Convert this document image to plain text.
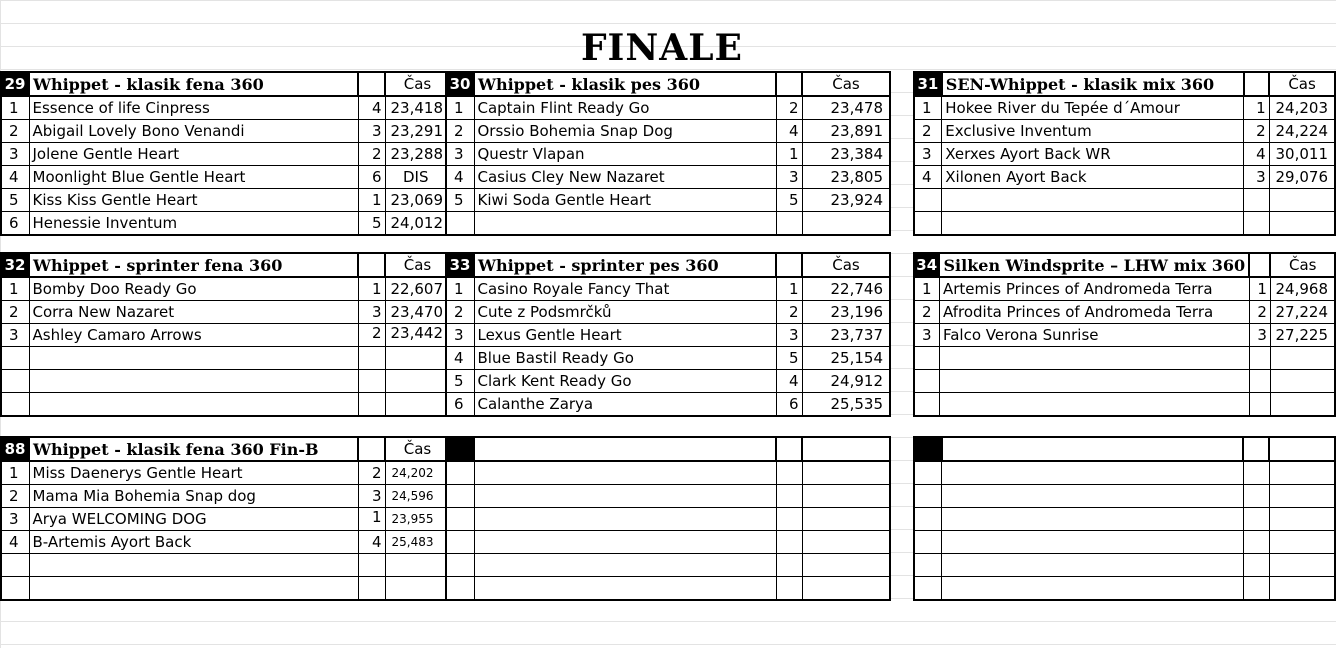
FINALE
29	Whippet - klasik fena 360		Čas
1	Essence of life Cinpress	4	23,418
2	Abigail Lovely Bono Venandi	3	23,291
3	Jolene Gentle Heart	2	23,288
4	Moonlight Blue Gentle Heart	6	DIS
5	Kiss Kiss Gentle Heart	1	23,069
6	Henessie Inventum	5	24,012
30	Whippet - klasik pes 360		Čas
1	Captain Flint Ready Go	2	23,478
2	Orssio Bohemia Snap Dog	4	23,891
3	Questr Vlapan	1	23,384
4	Casius Cley New Nazaret	3	23,805
5	Kiwi Soda Gentle Heart	5	23,924

31	SEN-Whippet - klasik mix 360		Čas
1	Hokee River du Tepée d´Amour	1	24,203
2	Exclusive Inventum	2	24,224
3	Xerxes Ayort Back WR	4	30,011
4	Xilonen Ayort Back	3	29,076

32	Whippet - sprinter fena 360		Čas
1	Bomby Doo Ready Go	1	22,607
2	Corra New Nazaret	3	23,470
3	Ashley Camaro Arrows	2	23,442

33	Whippet - sprinter pes 360		Čas
1	Casino Royale Fancy That	1	22,746
2	Cute z Podsmrčků	2	23,196
3	Lexus Gentle Heart	3	23,737
4	Blue Bastil Ready Go	5	25,154
5	Clark Kent Ready Go	4	24,912
6	Calanthe Zarya	6	25,535
34	Silken Windsprite – LHW mix 360		Čas
1	Artemis Princes of Andromeda Terra	1	24,968
2	Afrodita Princes of Andromeda Terra	2	27,224
3	Falco Verona Sunrise	3	27,225

88	Whippet - klasik fena 360 Fin-B		Čas
1	Miss Daenerys Gentle Heart	2	24,202
2	Mama Mia Bohemia Snap dog	3	24,596
3	Arya WELCOMING DOG	1	23,955
4	B-Artemis Ayort Back	4	25,483
